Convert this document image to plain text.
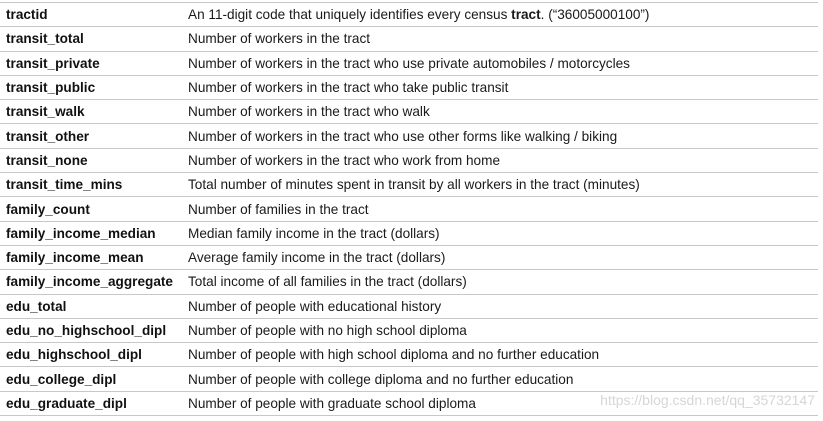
tractid	An 11-digit code that uniquely identifies every census tract. (“36005000100”)
transit_total	Number of workers in the tract
transit_private	Number of workers in the tract who use private automobiles / motorcycles
transit_public	Number of workers in the tract who take public transit
transit_walk	Number of workers in the tract who walk
transit_other	Number of workers in the tract who use other forms like walking / biking
transit_none	Number of workers in the tract who work from home
transit_time_mins	Total number of minutes spent in transit by all workers in the tract (minutes)
family_count	Number of families in the tract
family_income_median	Median family income in the tract (dollars)
family_income_mean	Average family income in the tract (dollars)
family_income_aggregate	Total income of all families in the tract (dollars)
edu_total	Number of people with educational history
edu_no_highschool_dipl	Number of people with no high school diploma
edu_highschool_dipl	Number of people with high school diploma and no further education
edu_college_dipl	Number of people with college diploma and no further education
edu_graduate_dipl	Number of people with graduate school diploma	https://blog.csdn.net/qq_35732147
